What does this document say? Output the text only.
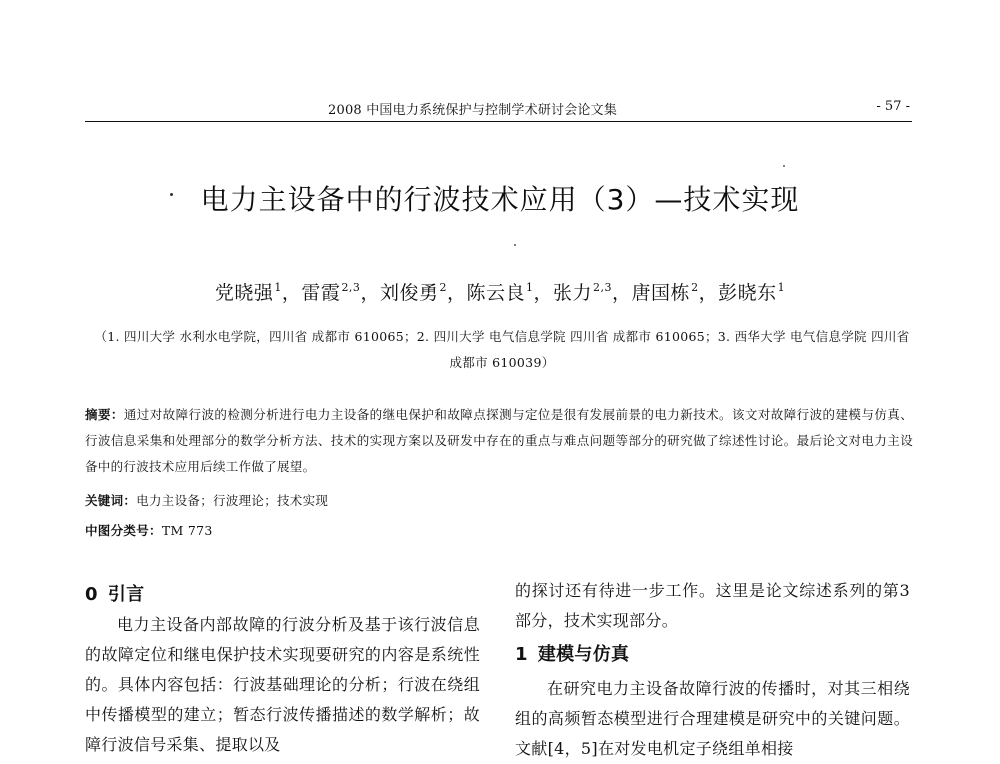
2008 中国电力系统保护与控制学术研讨会论文集	- 57 -
电力主设备中的行波技术应用（3）—技术实现
党晓强$^1$，雷霞$^{2,3}$，刘俊勇$^2$，陈云良$^1$，张力$^{2,3}$，唐国栋$^2$，彭晓东$^1$
（1. 四川大学 水利水电学院，四川省 成都市 610065；2. 四川大学 电气信息学院 四川省 成都市 610065；3. 西华大学 电气信息学院 四川省 成都市 610039）
摘要：通过对故障行波的检测分析进行电力主设备的继电保护和故障点探测与定位是很有发展前景的电力新技术。该文对故障行波的建模与仿真、行波信息采集和处理部分的数学分析方法、技术的实现方案以及研发中存在的重点与难点问题等部分的研究做了综述性讨论。最后论文对电力主设备中的行波技术应用后续工作做了展望。
关键词：电力主设备；行波理论；技术实现
中图分类号：TM 773
0 引言
电力主设备内部故障的行波分析及基于该行波信息的故障定位和继电保护技术实现要研究的内容是系统性的。具体内容包括：行波基础理论的分析；行波在绕组中传播模型的建立；暂态行波传播描述的数学解析；故障行波信号采集、提取以及
的探讨还有待进一步工作。这里是论文综述系列的第3部分，技术实现部分。
1 建模与仿真
在研究电力主设备故障行波的传播时，对其三相绕组的高频暂态模型进行合理建模是研究中的关键问题。文献[4，5]在对发电机定子绕组单相接
